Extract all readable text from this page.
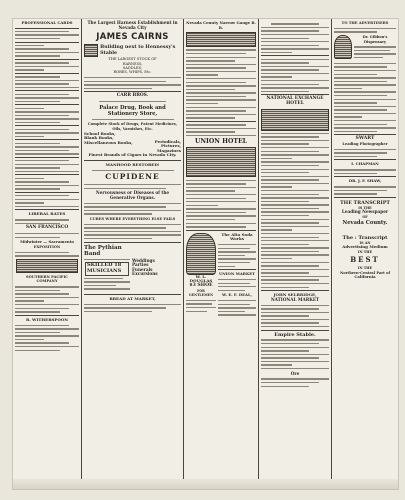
PROFESSIONAL CARDS
LIBERAL RATES
SAN FRANCISCO
Midwinter — Sacramento
EXPOSITION
SOUTHERN PACIFIC COMPANY
R. WITHERSPOON
The Largest Harness Establishment in Nevada City
JAMES CAIRNS
Building next to Hennessy's Stable
THE LARGEST STOCK OF
HARNESS,
SADDLES,
ROBES, WHIPS, Etc.
CARR BROS.
Palace Drug, Book and Stationery Store,
Complete Stock of Drugs, Patent Medicines, Oils, Varnishes, Etc.
School Books,
Blank Books,
Miscellaneous Books,	Periodicals,
Pictures,
Magazines
Finest Brands of Cigars in Nevada City.
MANHOOD RESTORED!
CUPIDENE
Nervousness or Diseases of the Generative Organs.
CURES WHERE EVERYTHING ELSE FAILS
The Pythian Band
SKILLED 18 MUSICIANS
Weddings
Parties
Funerals
Excursions
BREAD AT MARKET,
Nevada County Narrow Gauge R. R.
UNION HOTEL
W. L. DOUGLAS
$3 SHOE
FOR GENTLEMEN
The Alta Soda Works
UNION MARKET
W. E. F. DEAL,
NATIONAL EXCHANGE HOTEL
JOHN SELBRIDGE,
NATIONAL MARKET
Empire Stable.
Ore
TO THE ADVERTISERS
Dr. Gibbon's Dispensary
SWART
Leading Photographer
I. CHAPMAN
DR. J. F. SHAW,
THE TRANSCRIPT
IS THE
Leading Newspaper
OF
Nevada County.
The : Transcript
IS AN
Advertising Medium
IN THE
BEST
IN THE
Northern-Central Part of
California
